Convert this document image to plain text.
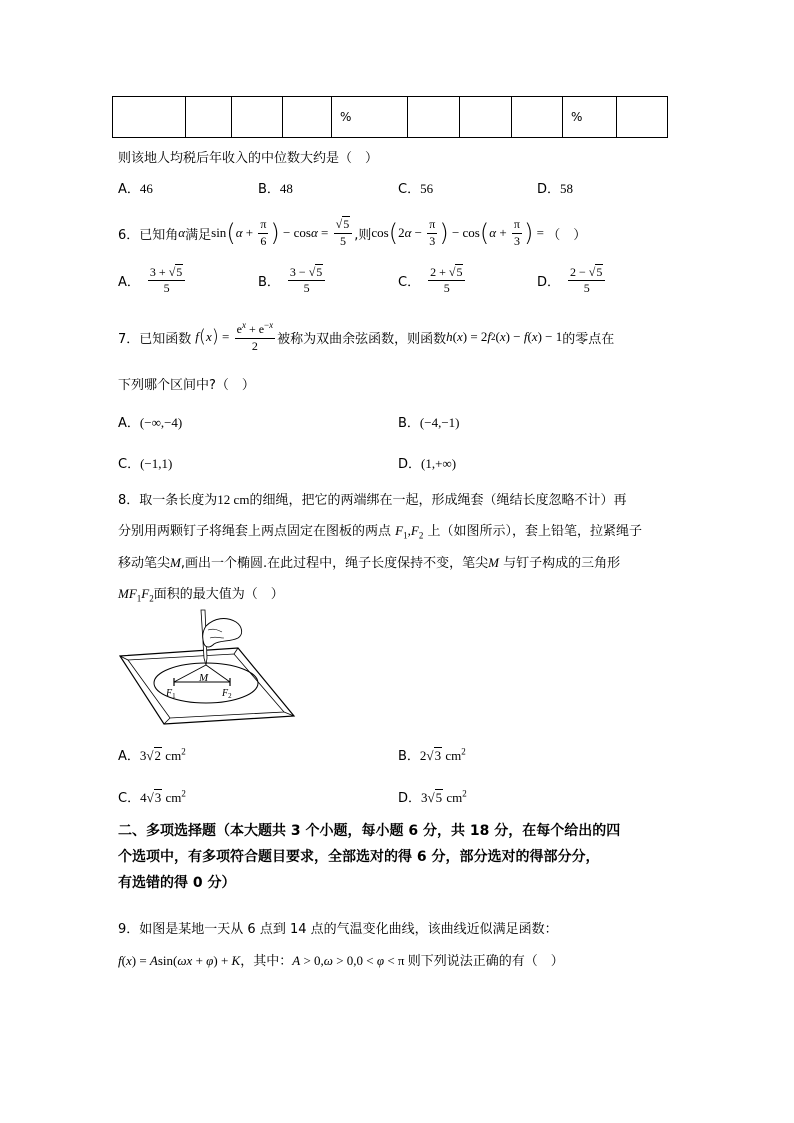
				%				%	
则该地人均税后年收入的中位数大约是（　）
A．46	B．48	C．56	D．58
6． 已知角 α 满足 sin ( $\alpha + \frac{\pi}{6}$ ) − $\cos \alpha = \frac{√5}{5}$ ,则 cos ( 2 $\alpha - \frac{\pi}{3}$ ) − cos ( $\alpha + \frac{\pi}{3}$ ) = （　）
A． $\frac{3 + √5}{5}$	B． $\frac{3 - √5}{5}$	C． $\frac{2 + √5}{5}$	D． $\frac{2 - √5}{5}$
7． 已知函数 f ( x ) = $\frac{e^x + e^{-x}}{2}$ 被称为双曲余弦函数，则函数 h ( x ) = 2 f 2 ( x ) − f ( x ) − 1 的零点在
下列哪个区间中?（　）
A．(−∞,−4)	B．(−4,−1)
C．(−1,1)	D．(1,+∞)
8．取一条长度为12 cm的细绳，把它的两端绑在一起，形成绳套（绳结长度忽略不计）再
分别用两颗钉子将绳套上两点固定在图板的两点 $F_1,F_2$ 上（如图所示），套上铅笔，拉紧绳子
移动笔尖M,画出一个椭圆.在此过程中，绳子长度保持不变，笔尖M 与钉子构成的三角形
$MF_1F_2$面积的最大值为（　）
M
$F_1$	$F_2$
A．3√2 $cm^2$	B．2√3 $cm^2$
C．4√3 $cm^2$	D．3√5 $cm^2$
二、多项选择题（本大题共 3 个小题，每小题 6 分，共 18 分，在每个给出的四
个选项中，有多项符合题目要求，全部选对的得 6 分，部分选对的得部分分，
有选错的得 0 分）
9．如图是某地一天从 6 点到 14 点的气温变化曲线，该曲线近似满足函数：
f(x) = Asin(ωx + φ) + K，其中：A > 0,ω > 0,0 < φ < π 则下列说法正确的有（　）
